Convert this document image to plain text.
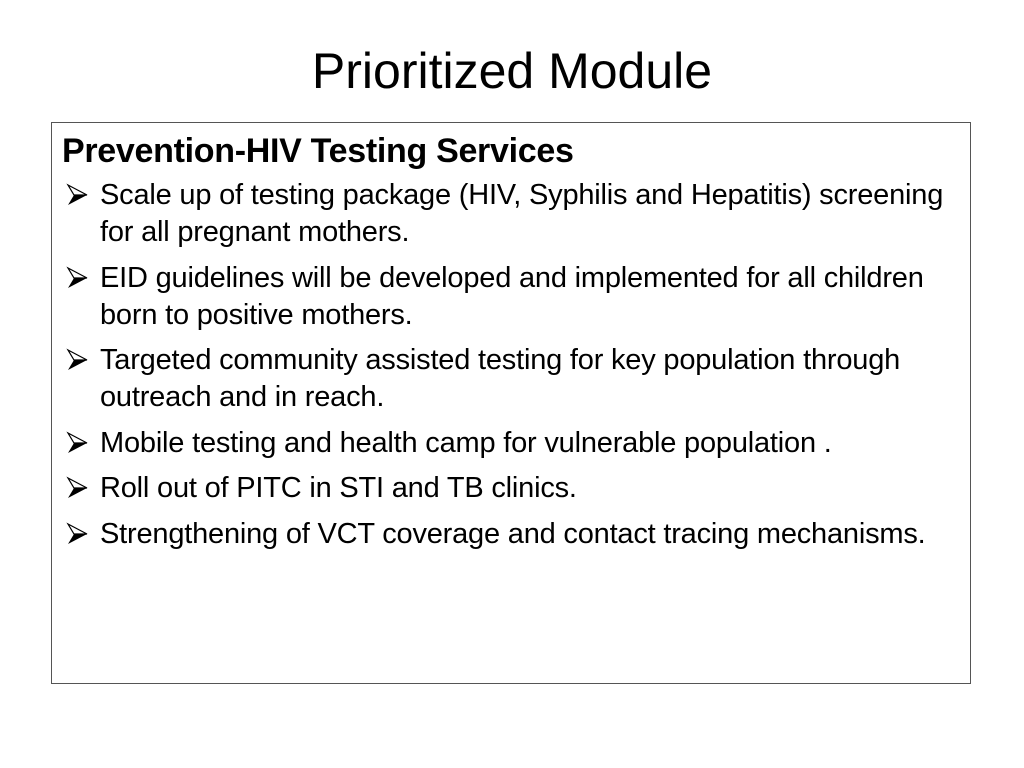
Prioritized Module
Prevention-HIV Testing Services
Scale up of testing package (HIV, Syphilis and Hepatitis) screening for all pregnant mothers.
EID guidelines will be developed and implemented for all children born to positive mothers.
Targeted community assisted testing for key population through outreach and in reach.
Mobile testing and health camp for vulnerable population .
Roll out of PITC in STI and TB clinics.
Strengthening of VCT coverage and contact tracing mechanisms.
